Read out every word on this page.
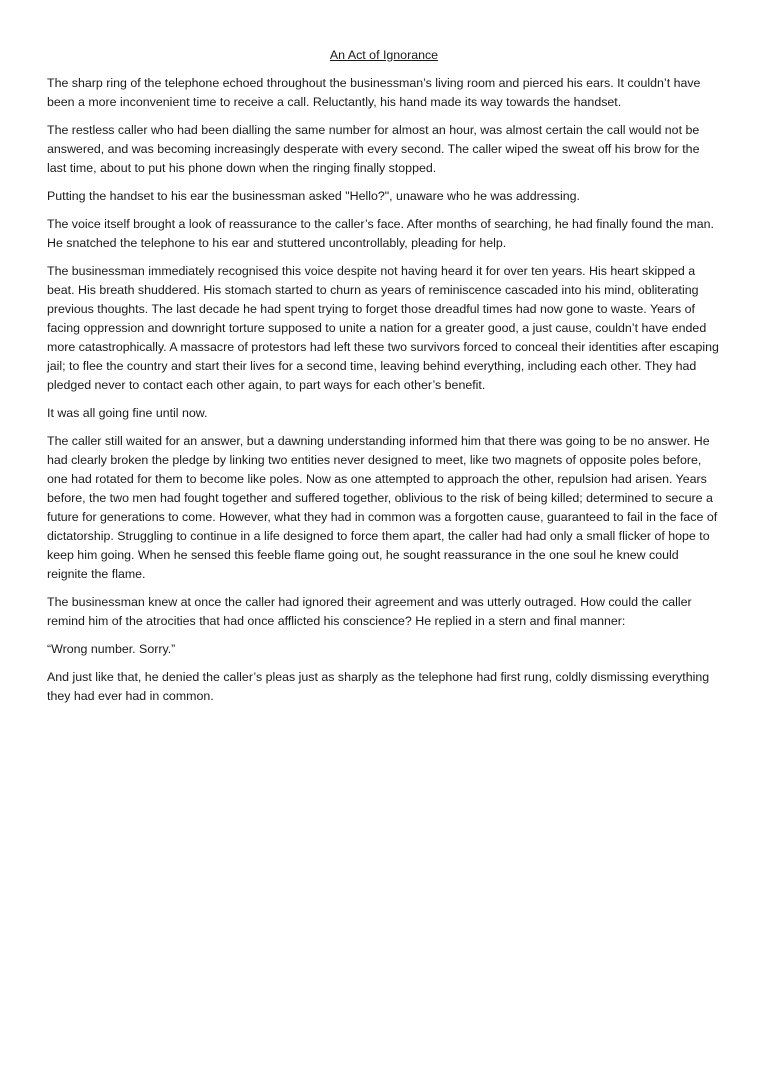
An Act of Ignorance

The sharp ring of the telephone echoed throughout the businessman’s living room and pierced his ears. It couldn’t have been a more inconvenient time to receive a call. Reluctantly, his hand made its way towards the handset.

The restless caller who had been dialling the same number for almost an hour, was almost certain the call would not be answered, and was becoming increasingly desperate with every second. The caller wiped the sweat off his brow for the last time, about to put his phone down when the ringing finally stopped.

Putting the handset to his ear the businessman asked "Hello?", unaware who he was addressing.

The voice itself brought a look of reassurance to the caller’s face. After months of searching, he had finally found the man. He snatched the telephone to his ear and stuttered uncontrollably, pleading for help.

The businessman immediately recognised this voice despite not having heard it for over ten years. His heart skipped a beat. His breath shuddered. His stomach started to churn as years of reminiscence cascaded into his mind, obliterating previous thoughts. The last decade he had spent trying to forget those dreadful times had now gone to waste. Years of facing oppression and downright torture supposed to unite a nation for a greater good, a just cause, couldn’t have ended more catastrophically. A massacre of protestors had left these two survivors forced to conceal their identities after escaping jail; to flee the country and start their lives for a second time, leaving behind everything, including each other. They had pledged never to contact each other again, to part ways for each other’s benefit.

It was all going fine until now.

The caller still waited for an answer, but a dawning understanding informed him that there was going to be no answer. He had clearly broken the pledge by linking two entities never designed to meet, like two magnets of opposite poles before, one had rotated for them to become like poles. Now as one attempted to approach the other, repulsion had arisen. Years before, the two men had fought together and suffered together, oblivious to the risk of being killed; determined to secure a future for generations to come. However, what they had in common was a forgotten cause, guaranteed to fail in the face of dictatorship. Struggling to continue in a life designed to force them apart, the caller had had only a small flicker of hope to keep him going. When he sensed this feeble flame going out, he sought reassurance in the one soul he knew could reignite the flame.

The businessman knew at once the caller had ignored their agreement and was utterly outraged. How could the caller remind him of the atrocities that had once afflicted his conscience? He replied in a stern and final manner:

“Wrong number. Sorry.”

And just like that, he denied the caller’s pleas just as sharply as the telephone had first rung, coldly dismissing everything they had ever had in common.
